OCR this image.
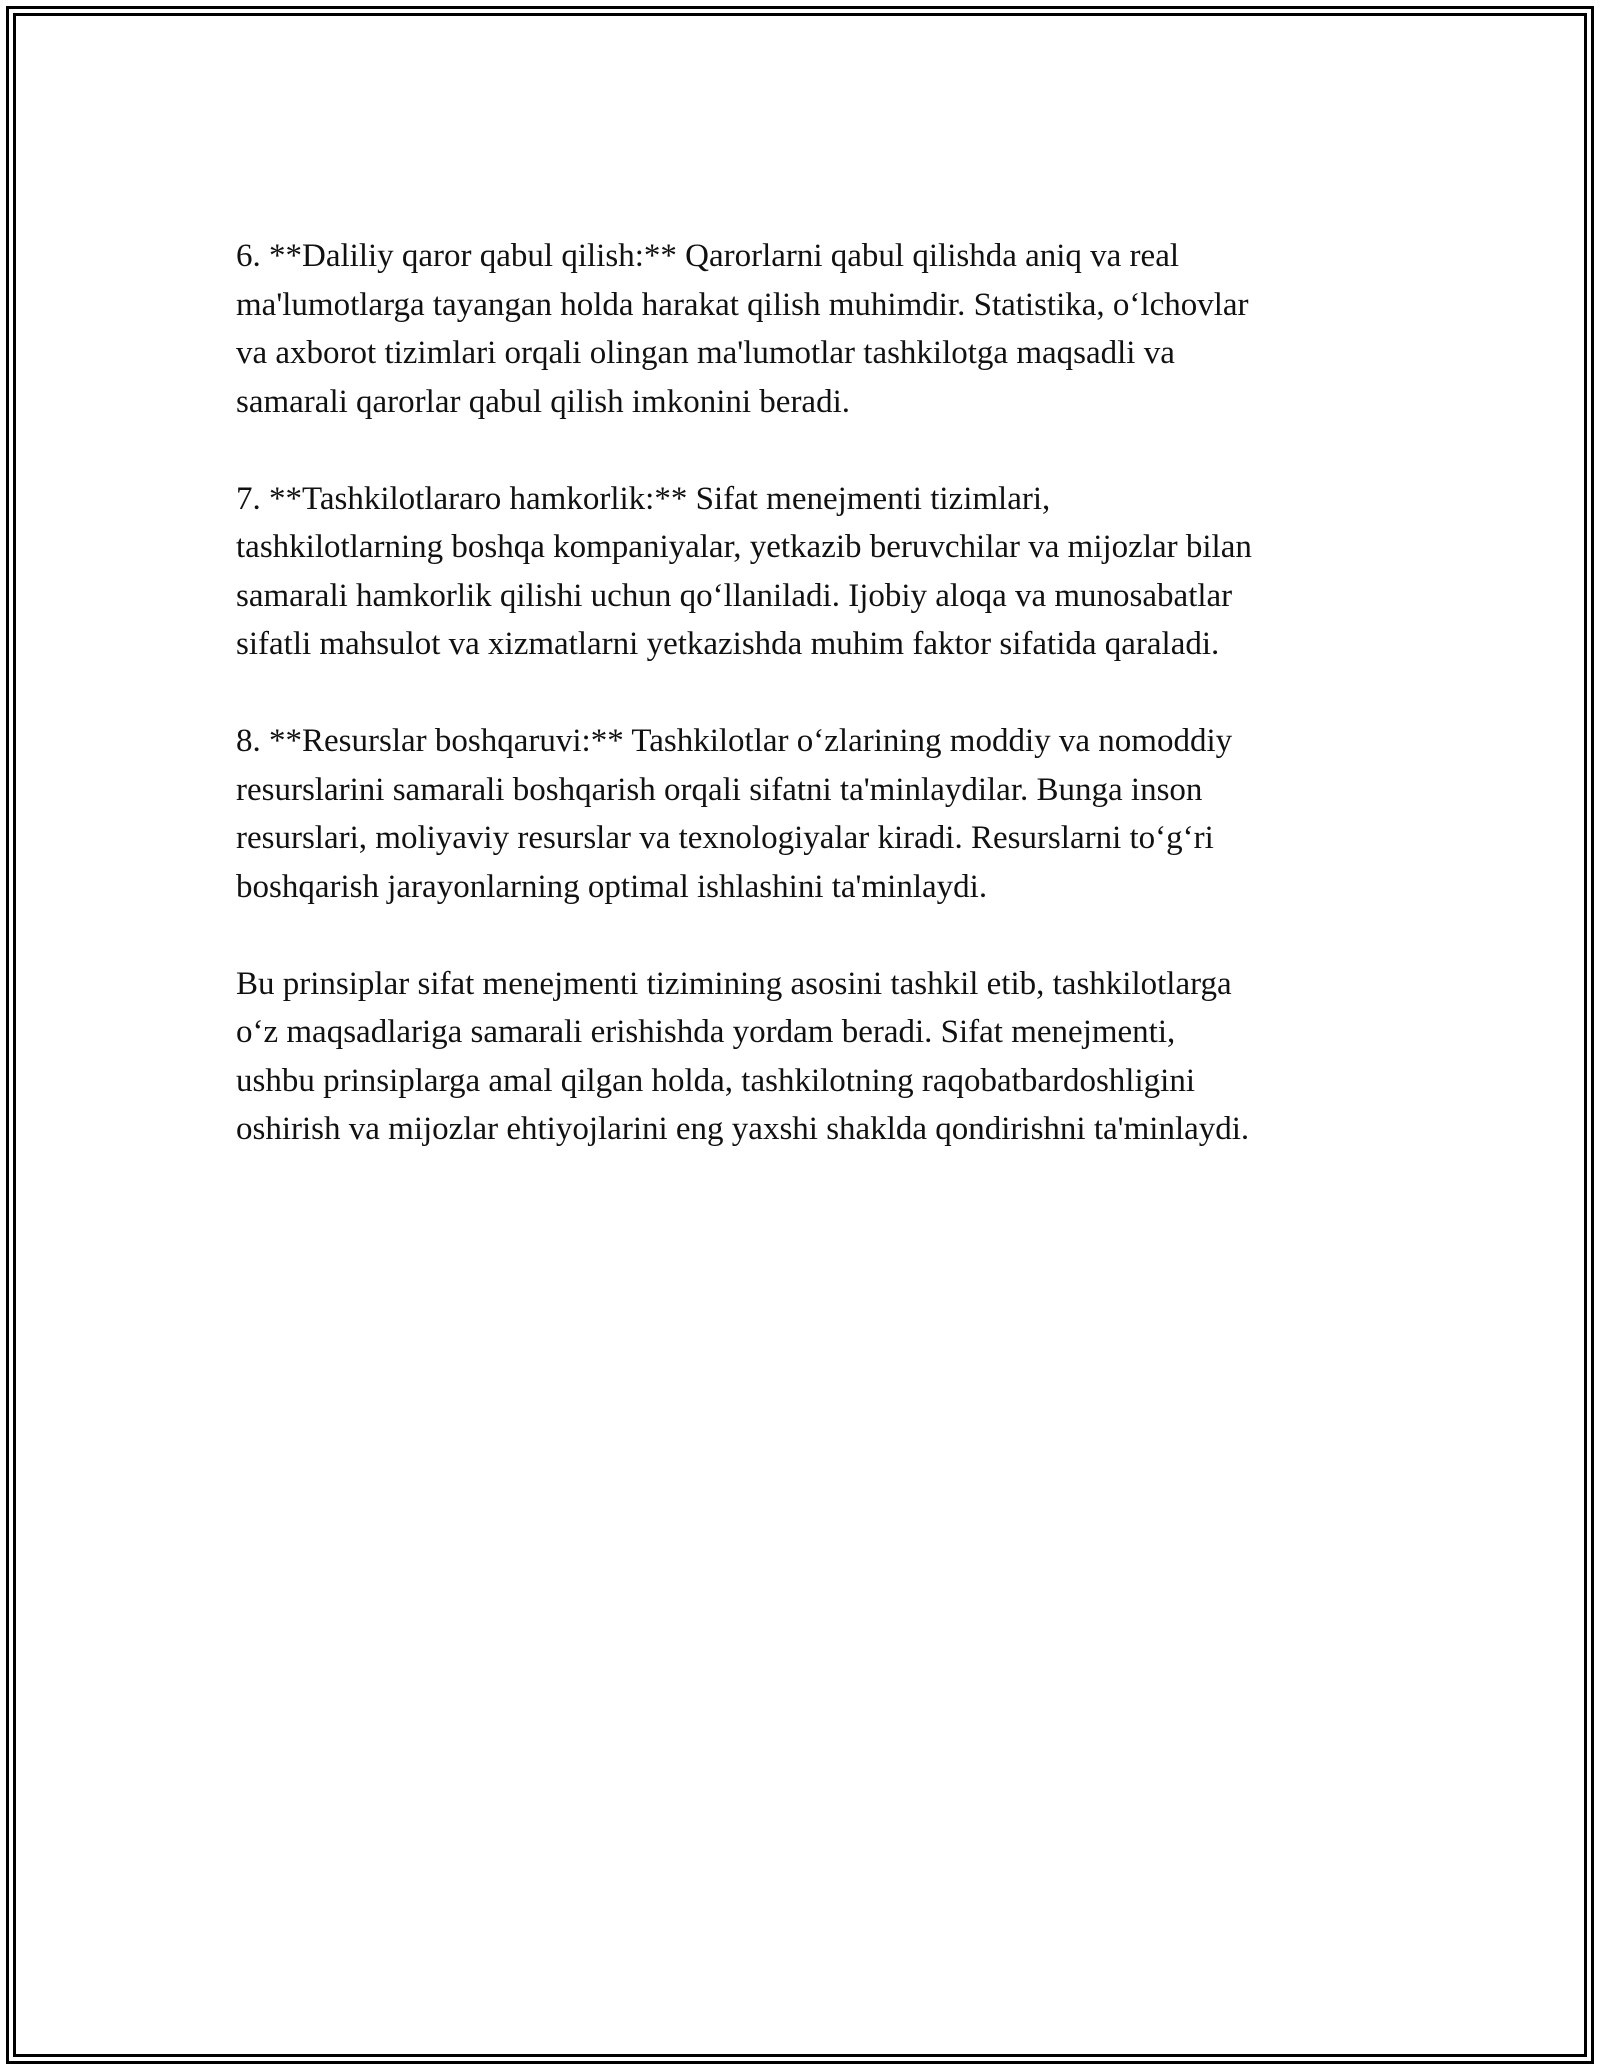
6. **Daliliy qaror qabul qilish:** Qarorlarni qabul qilishda aniq va real
ma'lumotlarga tayangan holda harakat qilish muhimdir. Statistika, o‘lchovlar
va axborot tizimlari orqali olingan ma'lumotlar tashkilotga maqsadli va
samarali qarorlar qabul qilish imkonini beradi.

7. **Tashkilotlararo hamkorlik:** Sifat menejmenti tizimlari,
tashkilotlarning boshqa kompaniyalar, yetkazib beruvchilar va mijozlar bilan
samarali hamkorlik qilishi uchun qo‘llaniladi. Ijobiy aloqa va munosabatlar
sifatli mahsulot va xizmatlarni yetkazishda muhim faktor sifatida qaraladi.

8. **Resurslar boshqaruvi:** Tashkilotlar o‘zlarining moddiy va nomoddiy
resurslarini samarali boshqarish orqali sifatni ta'minlaydilar. Bunga inson
resurslari, moliyaviy resurslar va texnologiyalar kiradi. Resurslarni to‘g‘ri
boshqarish jarayonlarning optimal ishlashini ta'minlaydi.

Bu prinsiplar sifat menejmenti tizimining asosini tashkil etib, tashkilotlarga
o‘z maqsadlariga samarali erishishda yordam beradi. Sifat menejmenti,
ushbu prinsiplarga amal qilgan holda, tashkilotning raqobatbardoshligini
oshirish va mijozlar ehtiyojlarini eng yaxshi shaklda qondirishni ta'minlaydi.
